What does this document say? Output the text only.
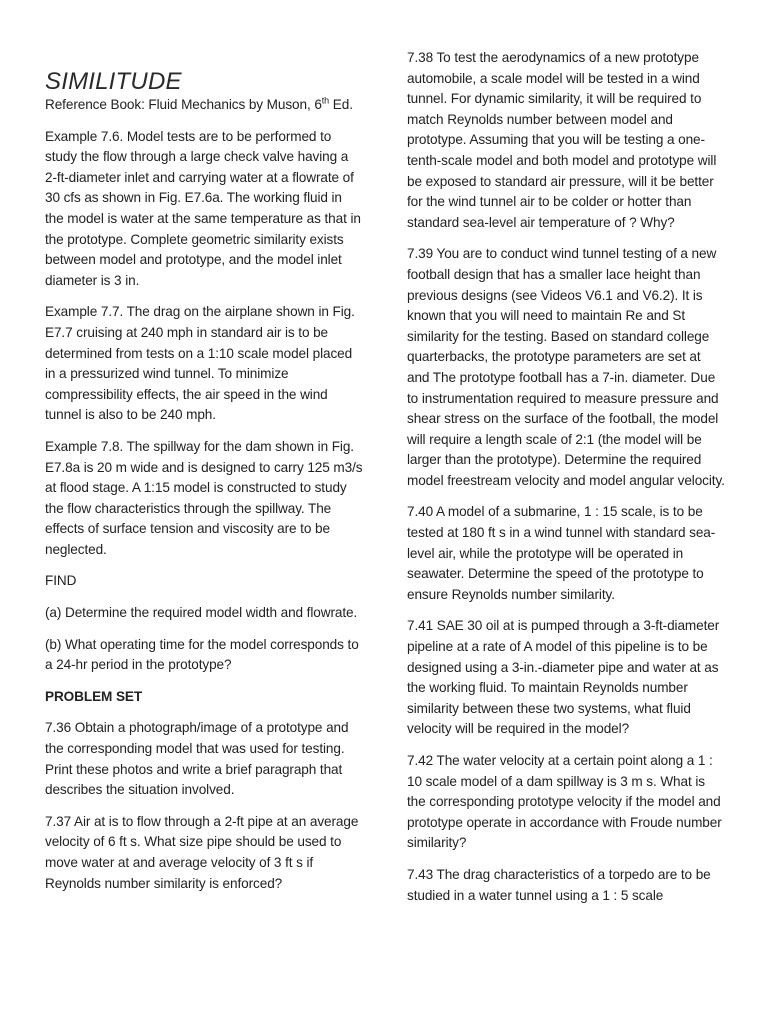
SIMILITUDE

Reference Book: Fluid Mechanics by Muson, 6th Ed.

Example 7.6. Model tests are to be performed to study the flow through a large check valve having a 2-ft-diameter inlet and carrying water at a flowrate of 30 cfs as shown in Fig. E7.6a. The working fluid in the model is water at the same temperature as that in the prototype. Complete geometric similarity exists between model and prototype, and the model inlet diameter is 3 in.

Example 7.7. The drag on the airplane shown in Fig. E7.7 cruising at 240 mph in standard air is to be determined from tests on a 1:10 scale model placed in a pressurized wind tunnel. To minimize compressibility effects, the air speed in the wind tunnel is also to be 240 mph.

Example 7.8. The spillway for the dam shown in Fig. E7.8a is 20 m wide and is designed to carry 125 m3/s at flood stage. A 1:15 model is constructed to study the flow characteristics through the spillway. The effects of surface tension and viscosity are to be neglected.

FIND

(a) Determine the required model width and flowrate.

(b) What operating time for the model corresponds to a 24-hr period in the prototype?

PROBLEM SET

7.36 Obtain a photograph/image of a prototype and the corresponding model that was used for testing. Print these photos and write a brief paragraph that describes the situation involved.

7.37 Air at is to flow through a 2-ft pipe at an average velocity of 6 ft s. What size pipe should be used to move water at and average velocity of 3 ft s if Reynolds number similarity is enforced?

7.38 To test the aerodynamics of a new prototype automobile, a scale model will be tested in a wind tunnel. For dynamic similarity, it will be required to match Reynolds number between model and prototype. Assuming that you will be testing a one-tenth-scale model and both model and prototype will be exposed to standard air pressure, will it be better for the wind tunnel air to be colder or hotter than standard sea-level air temperature of ? Why?

7.39 You are to conduct wind tunnel testing of a new football design that has a smaller lace height than previous designs (see Videos V6.1 and V6.2). It is known that you will need to maintain Re and St similarity for the testing. Based on standard college quarterbacks, the prototype parameters are set at and The prototype football has a 7-in. diameter. Due to instrumentation required to measure pressure and shear stress on the surface of the football, the model will require a length scale of 2:1 (the model will be larger than the prototype). Determine the required model freestream velocity and model angular velocity.

7.40 A model of a submarine, 1 : 15 scale, is to be tested at 180 ft s in a wind tunnel with standard sea-level air, while the prototype will be operated in seawater. Determine the speed of the prototype to ensure Reynolds number similarity.

7.41 SAE 30 oil at is pumped through a 3-ft-diameter pipeline at a rate of A model of this pipeline is to be designed using a 3-in.-diameter pipe and water at as the working fluid. To maintain Reynolds number similarity between these two systems, what fluid velocity will be required in the model?

7.42 The water velocity at a certain point along a 1 : 10 scale model of a dam spillway is 3 m s. What is the corresponding prototype velocity if the model and prototype operate in accordance with Froude number similarity?

7.43 The drag characteristics of a torpedo are to be studied in a water tunnel using a 1 : 5 scale
